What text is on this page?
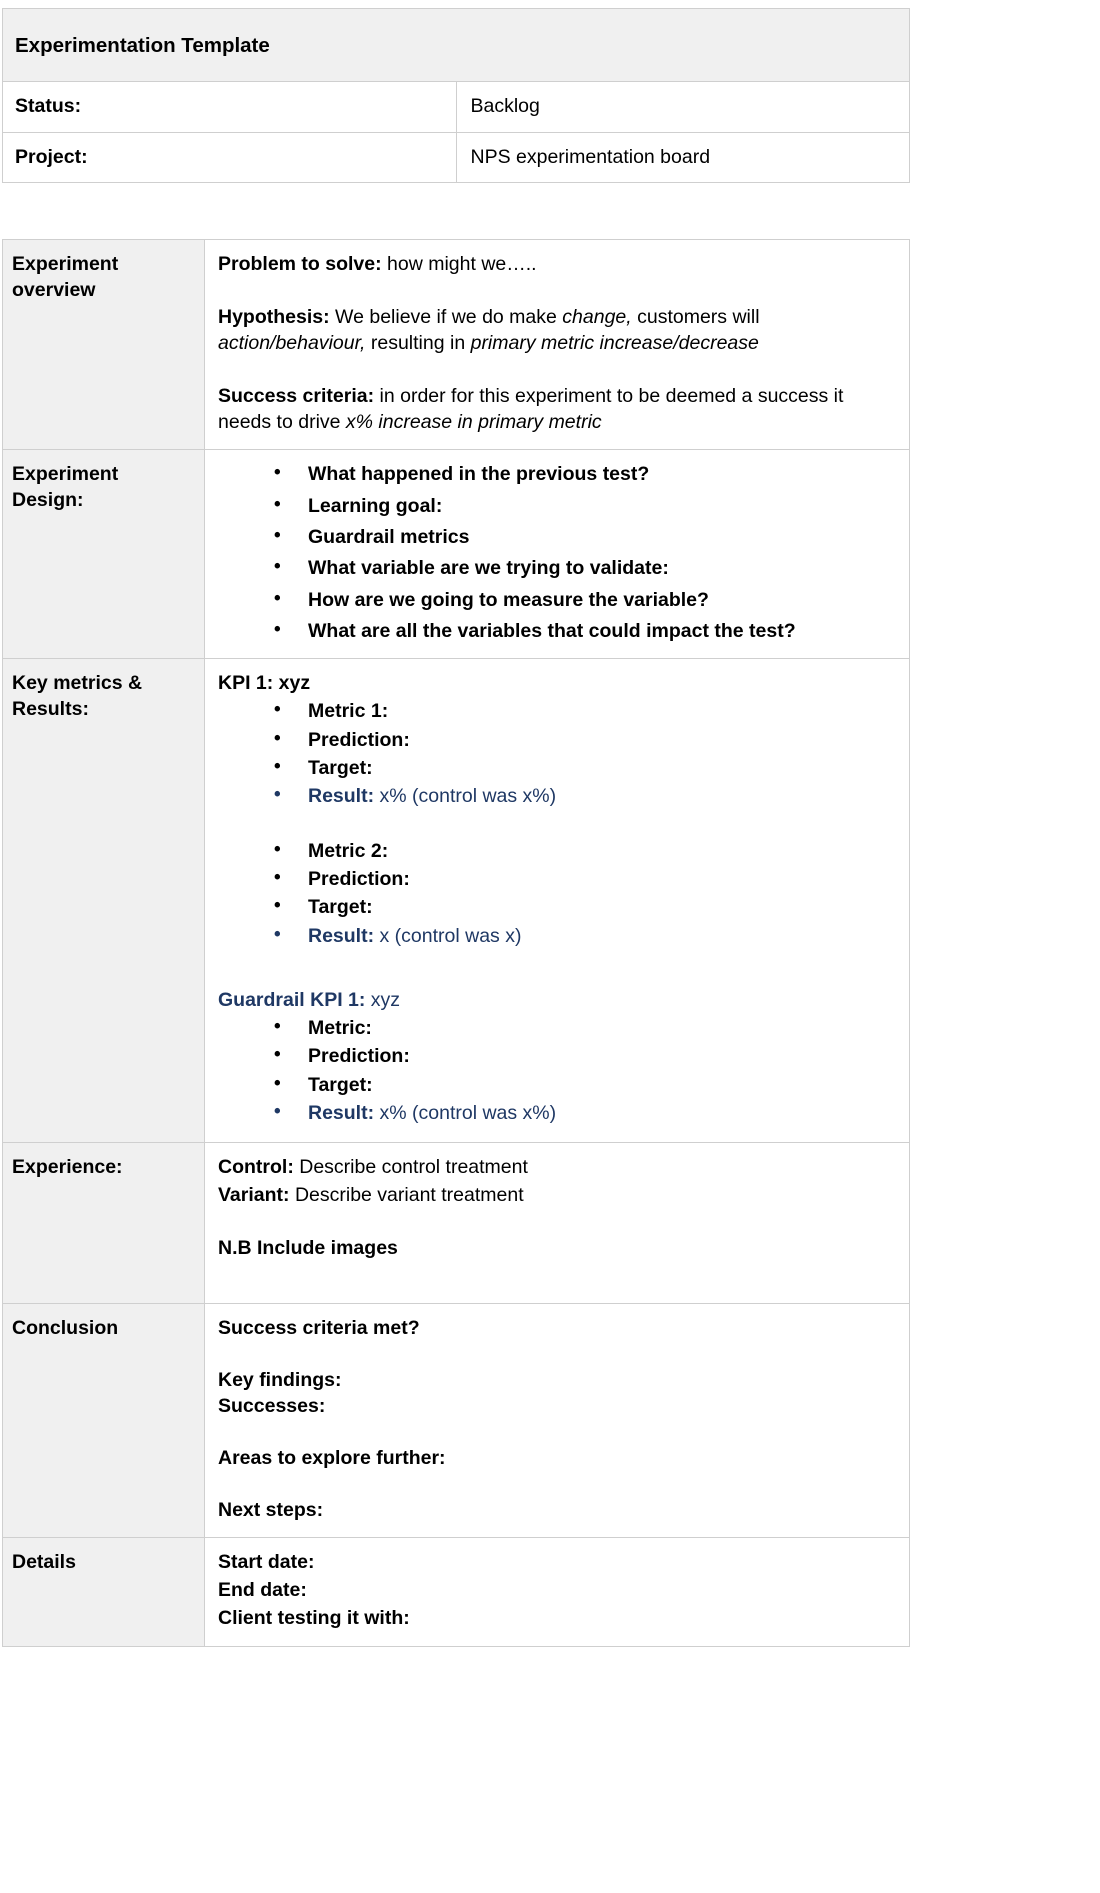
Experimentation Template	
Status:	Backlog
Project:	NPS experimentation board
Experiment overview	Problem to solve: how might we…..

Hypothesis: We believe if we do make change, customers will action/behaviour, resulting in primary metric increase/decrease

Success criteria: in order for this experiment to be deemed a success it needs to drive x% increase in primary metric

Experiment Design:	
• What happened in the previous test?
• Learning goal:
• Guardrail metrics
• What variable are we trying to validate:
• How are we going to measure the variable?
• What are all the variables that could impact the test?

Key metrics & Results:	

KPI 1: xyz

• Metric 1:
• Prediction:
• Target:
• Result: x% (control was x%)
• Metric 2:
• Prediction:
• Target:
• Result: x (control was x)

Guardrail KPI 1: xyz

• Metric:
• Prediction:
• Target:
• Result: x% (control was x%)

Experience:	Control: Describe control treatment

Variant: Describe variant treatment

N.B Include images

Conclusion	Success criteria met?

Key findings:

Successes:

Areas to explore further:

Next steps:

Details	Start date:

End date:

Client testing it with:
